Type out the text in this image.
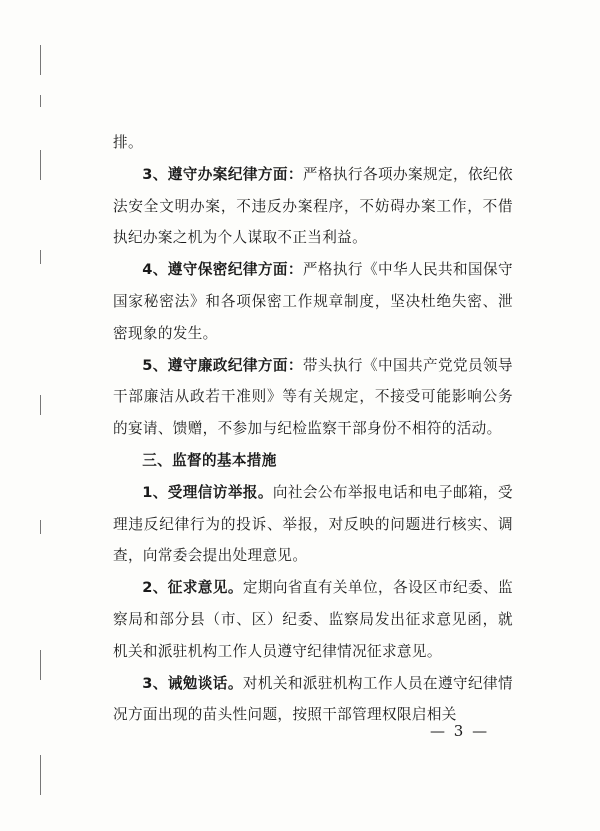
排。

3、遵守办案纪律方面：严格执行各项办案规定，依纪依法安全文明办案，不违反办案程序，不妨碍办案工作，不借执纪办案之机为个人谋取不正当利益。

4、遵守保密纪律方面：严格执行《中华人民共和国保守国家秘密法》和各项保密工作规章制度，坚决杜绝失密、泄密现象的发生。

5、遵守廉政纪律方面：带头执行《中国共产党党员领导干部廉洁从政若干准则》等有关规定，不接受可能影响公务的宴请、馈赠，不参加与纪检监察干部身份不相符的活动。

三、监督的基本措施

1、受理信访举报。向社会公布举报电话和电子邮箱，受理违反纪律行为的投诉、举报，对反映的问题进行核实、调查，向常委会提出处理意见。

2、征求意见。定期向省直有关单位，各设区市纪委、监察局和部分县（市、区）纪委、监察局发出征求意见函，就机关和派驻机构工作人员遵守纪律情况征求意见。

3、诫勉谈话。对机关和派驻机构工作人员在遵守纪律情况方面出现的苗头性问题，按照干部管理权限启相关

— 3 —
